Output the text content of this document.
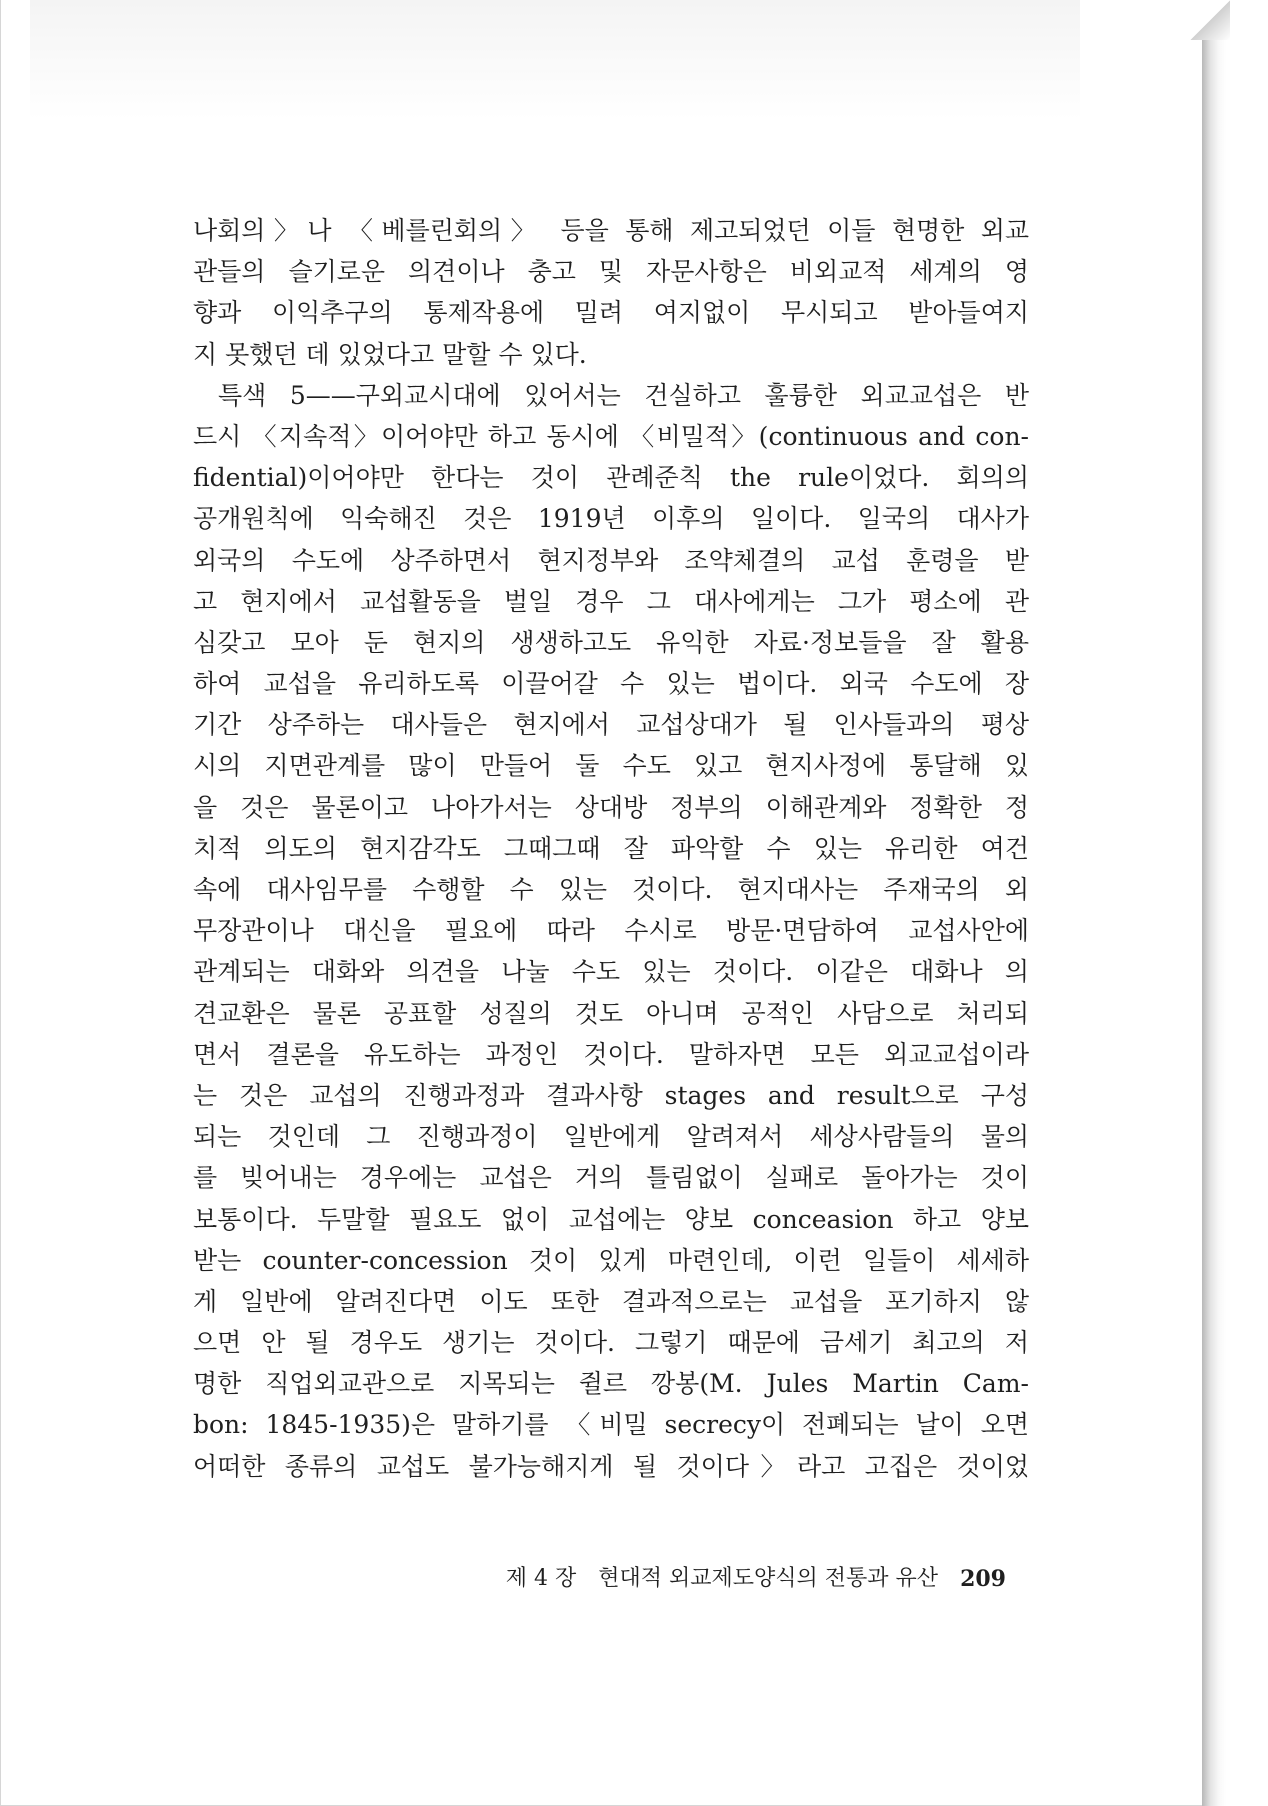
나회의〉나 〈베를린회의〉 등을 통해 제고되었던 이들 현명한 외교
관들의 슬기로운 의견이나 충고 및 자문사항은 비외교적 세계의 영
향과 이익추구의 통제작용에 밀려 여지없이 무시되고 받아들여지
지 못했던 데 있었다고 말할 수 있다.
특색 5——구외교시대에 있어서는 건실하고 훌륭한 외교교섭은 반
드시 〈지속적〉이어야만 하고 동시에 〈비밀적〉(continuous and con-
fidential)이어야만 한다는 것이 관례준칙 the rule이었다. 회의의
공개원칙에 익숙해진 것은 1919년 이후의 일이다. 일국의 대사가
외국의 수도에 상주하면서 현지정부와 조약체결의 교섭 훈령을 받
고 현지에서 교섭활동을 벌일 경우 그 대사에게는 그가 평소에 관
심갖고 모아 둔 현지의 생생하고도 유익한 자료·정보들을 잘 활용
하여 교섭을 유리하도록 이끌어갈 수 있는 법이다. 외국 수도에 장
기간 상주하는 대사들은 현지에서 교섭상대가 될 인사들과의 평상
시의 지면관계를 많이 만들어 둘 수도 있고 현지사정에 통달해 있
을 것은 물론이고 나아가서는 상대방 정부의 이해관계와 정확한 정
치적 의도의 현지감각도 그때그때 잘 파악할 수 있는 유리한 여건
속에 대사임무를 수행할 수 있는 것이다. 현지대사는 주재국의 외
무장관이나 대신을 필요에 따라 수시로 방문·면담하여 교섭사안에
관계되는 대화와 의견을 나눌 수도 있는 것이다. 이같은 대화나 의
견교환은 물론 공표할 성질의 것도 아니며 공적인 사담으로 처리되
면서 결론을 유도하는 과정인 것이다. 말하자면 모든 외교교섭이라
는 것은 교섭의 진행과정과 결과사항 stages and result으로 구성
되는 것인데 그 진행과정이 일반에게 알려져서 세상사람들의 물의
를 빚어내는 경우에는 교섭은 거의 틀림없이 실패로 돌아가는 것이
보통이다. 두말할 필요도 없이 교섭에는 양보 conceasion 하고 양보
받는 counter-concession 것이 있게 마련인데, 이런 일들이 세세하
게 일반에 알려진다면 이도 또한 결과적으로는 교섭을 포기하지 않
으면 안 될 경우도 생기는 것이다. 그렇기 때문에 금세기 최고의 저
명한 직업외교관으로 지목되는 쥘르 깡봉(M. Jules Martin Cam-
bon: 1845-1935)은 말하기를 〈비밀 secrecy이 전폐되는 날이 오면
어떠한 종류의 교섭도 불가능해지게 될 것이다〉라고 고집은 것이었
제 4 장 현대적 외교제도양식의 전통과 유산 209
